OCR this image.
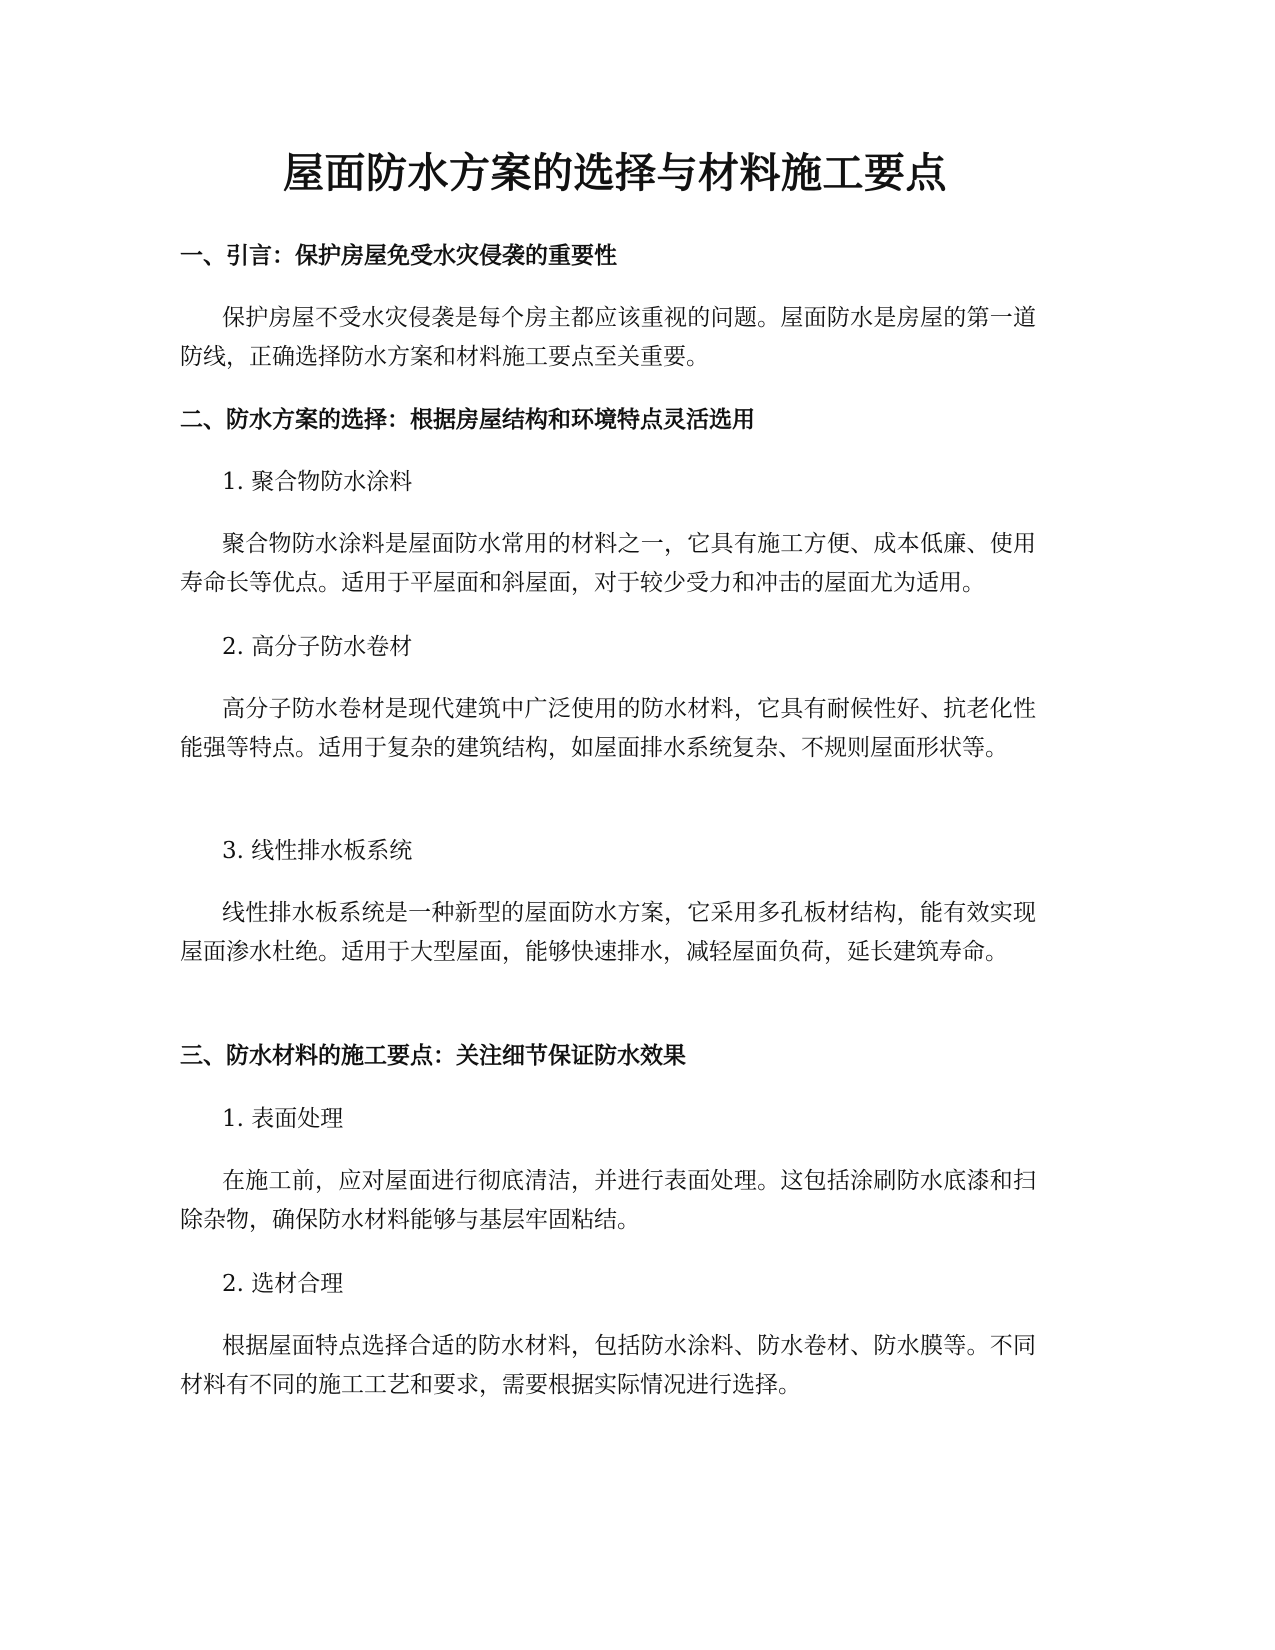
屋面防水方案的选择与材料施工要点
一、引言：保护房屋免受水灾侵袭的重要性

保护房屋不受水灾侵袭是每个房主都应该重视的问题。屋面防水是房屋的第一道防线，正确选择防水方案和材料施工要点至关重要。

二、防水方案的选择：根据房屋结构和环境特点灵活选用

1. 聚合物防水涂料

聚合物防水涂料是屋面防水常用的材料之一，它具有施工方便、成本低廉、使用寿命长等优点。适用于平屋面和斜屋面，对于较少受力和冲击的屋面尤为适用。

2. 高分子防水卷材

高分子防水卷材是现代建筑中广泛使用的防水材料，它具有耐候性好、抗老化性能强等特点。适用于复杂的建筑结构，如屋面排水系统复杂、不规则屋面形状等。

3. 线性排水板系统

线性排水板系统是一种新型的屋面防水方案，它采用多孔板材结构，能有效实现屋面渗水杜绝。适用于大型屋面，能够快速排水，减轻屋面负荷，延长建筑寿命。

三、防水材料的施工要点：关注细节保证防水效果

1. 表面处理

在施工前，应对屋面进行彻底清洁，并进行表面处理。这包括涂刷防水底漆和扫除杂物，确保防水材料能够与基层牢固粘结。

2. 选材合理

根据屋面特点选择合适的防水材料，包括防水涂料、防水卷材、防水膜等。不同材料有不同的施工工艺和要求，需要根据实际情况进行选择。
